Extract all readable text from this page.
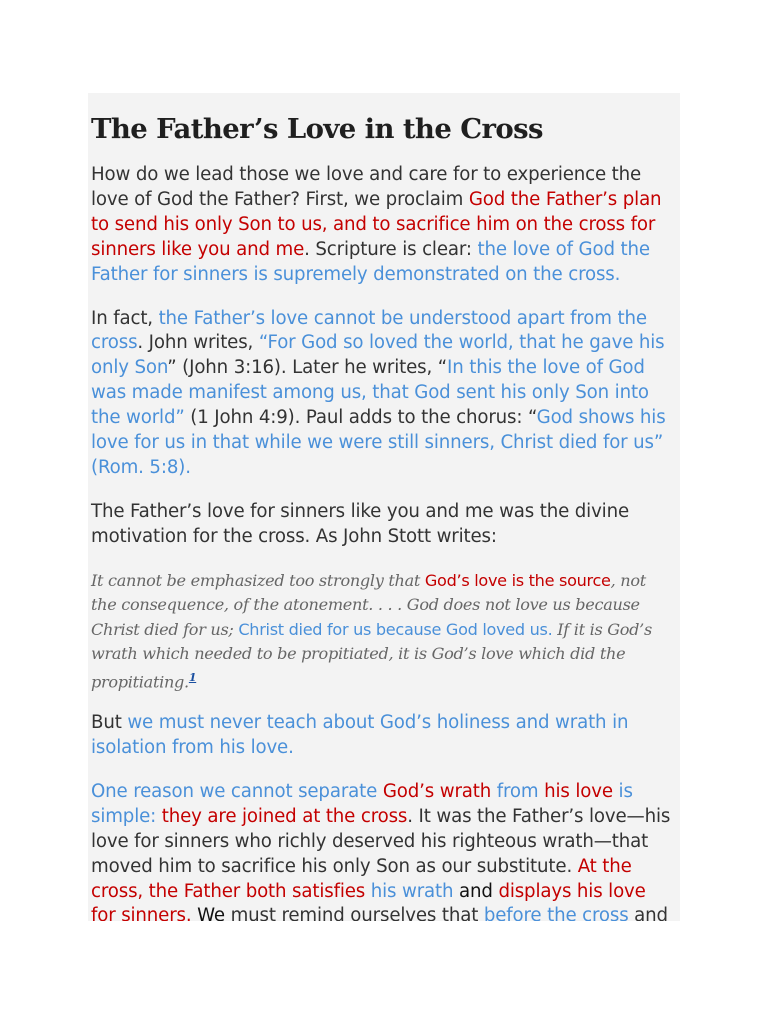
The Father’s Love in the Cross

How do we lead those we love and care for to experience the
love of God the Father? First, we proclaim God the Father’s plan
to send his only Son to us, and to sacrifice him on the cross for
sinners like you and me. Scripture is clear: the love of God the
Father for sinners is supremely demonstrated on the cross.

In fact, the Father’s love cannot be understood apart from the
cross. John writes, “For God so loved the world, that he gave his
only Son” (John 3:16). Later he writes, “In this the love of God
was made manifest among us, that God sent his only Son into
the world” (1 John 4:9). Paul adds to the chorus: “God shows his
love for us in that while we were still sinners, Christ died for us”
(Rom. 5:8).

The Father’s love for sinners like you and me was the divine
motivation for the cross. As John Stott writes:

It cannot be emphasized too strongly that God’s love is the source, not
the consequence, of the atonement. . . . God does not love us because
Christ died for us; Christ died for us because God loved us. If it is God’s
wrath which needed to be propitiated, it is God’s love which did the
propitiating.$^1$

But we must never teach about God’s holiness and wrath in
isolation from his love.

One reason we cannot separate God’s wrath from his love is
simple: they are joined at the cross. It was the Father’s love—his
love for sinners who richly deserved his righteous wrath—that
moved him to sacrifice his only Son as our substitute. At the
cross, the Father both satisfies his wrath and displays his love
for sinners. We must remind ourselves that before the cross and
